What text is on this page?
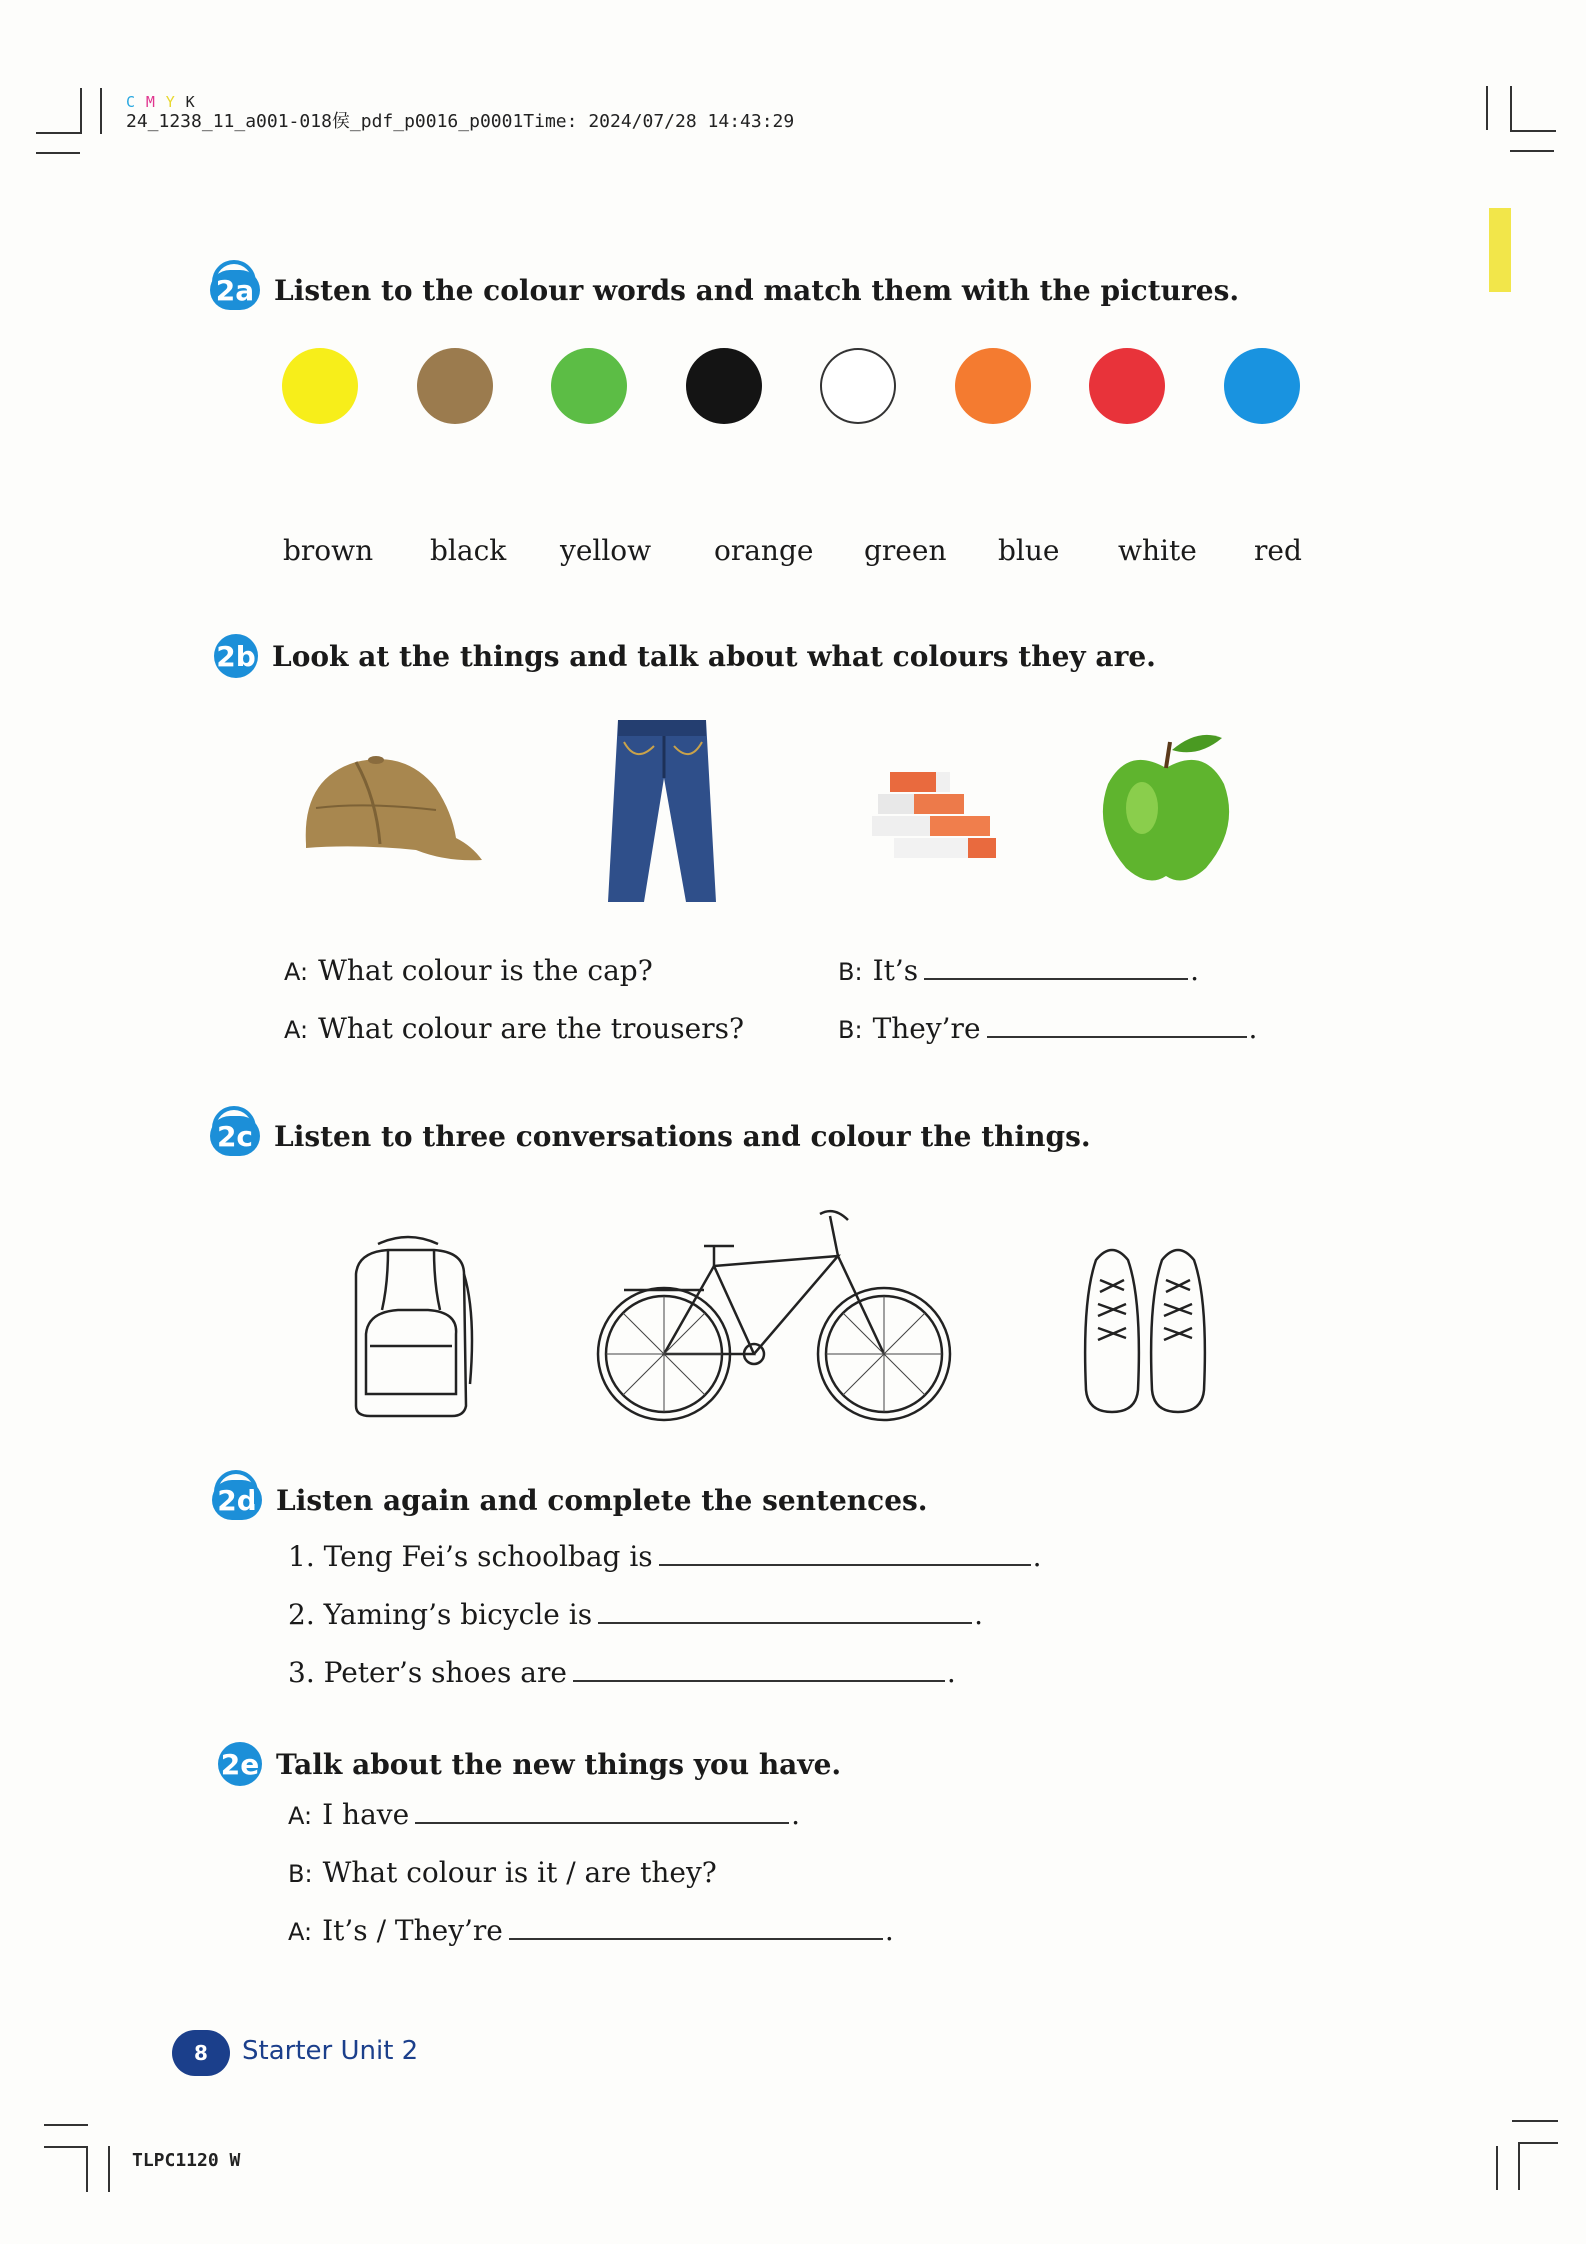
C M Y K
24_1238_11_a001-018侯_pdf_p0016_p0001Time: 2024/07/28 14:43:29
2a Listen to the colour words and match them with the pictures.
brown black yellow orange green blue white red
2b Look at the things and talk about what colours they are.
A: What colour is the cap?	B: It’s	.
A: What colour are the trousers?	B: They’re	.
2c Listen to three conversations and colour the things.
2d Listen again and complete the sentences.
1. Teng Fei’s schoolbag is	.
2. Yaming’s bicycle is	.
3. Peter’s shoes are	.
2e Talk about the new things you have.
A: I have	.
B: What colour is it / are they?
A: It’s / They’re	.
8	Starter Unit 2
TLPC1120 W
